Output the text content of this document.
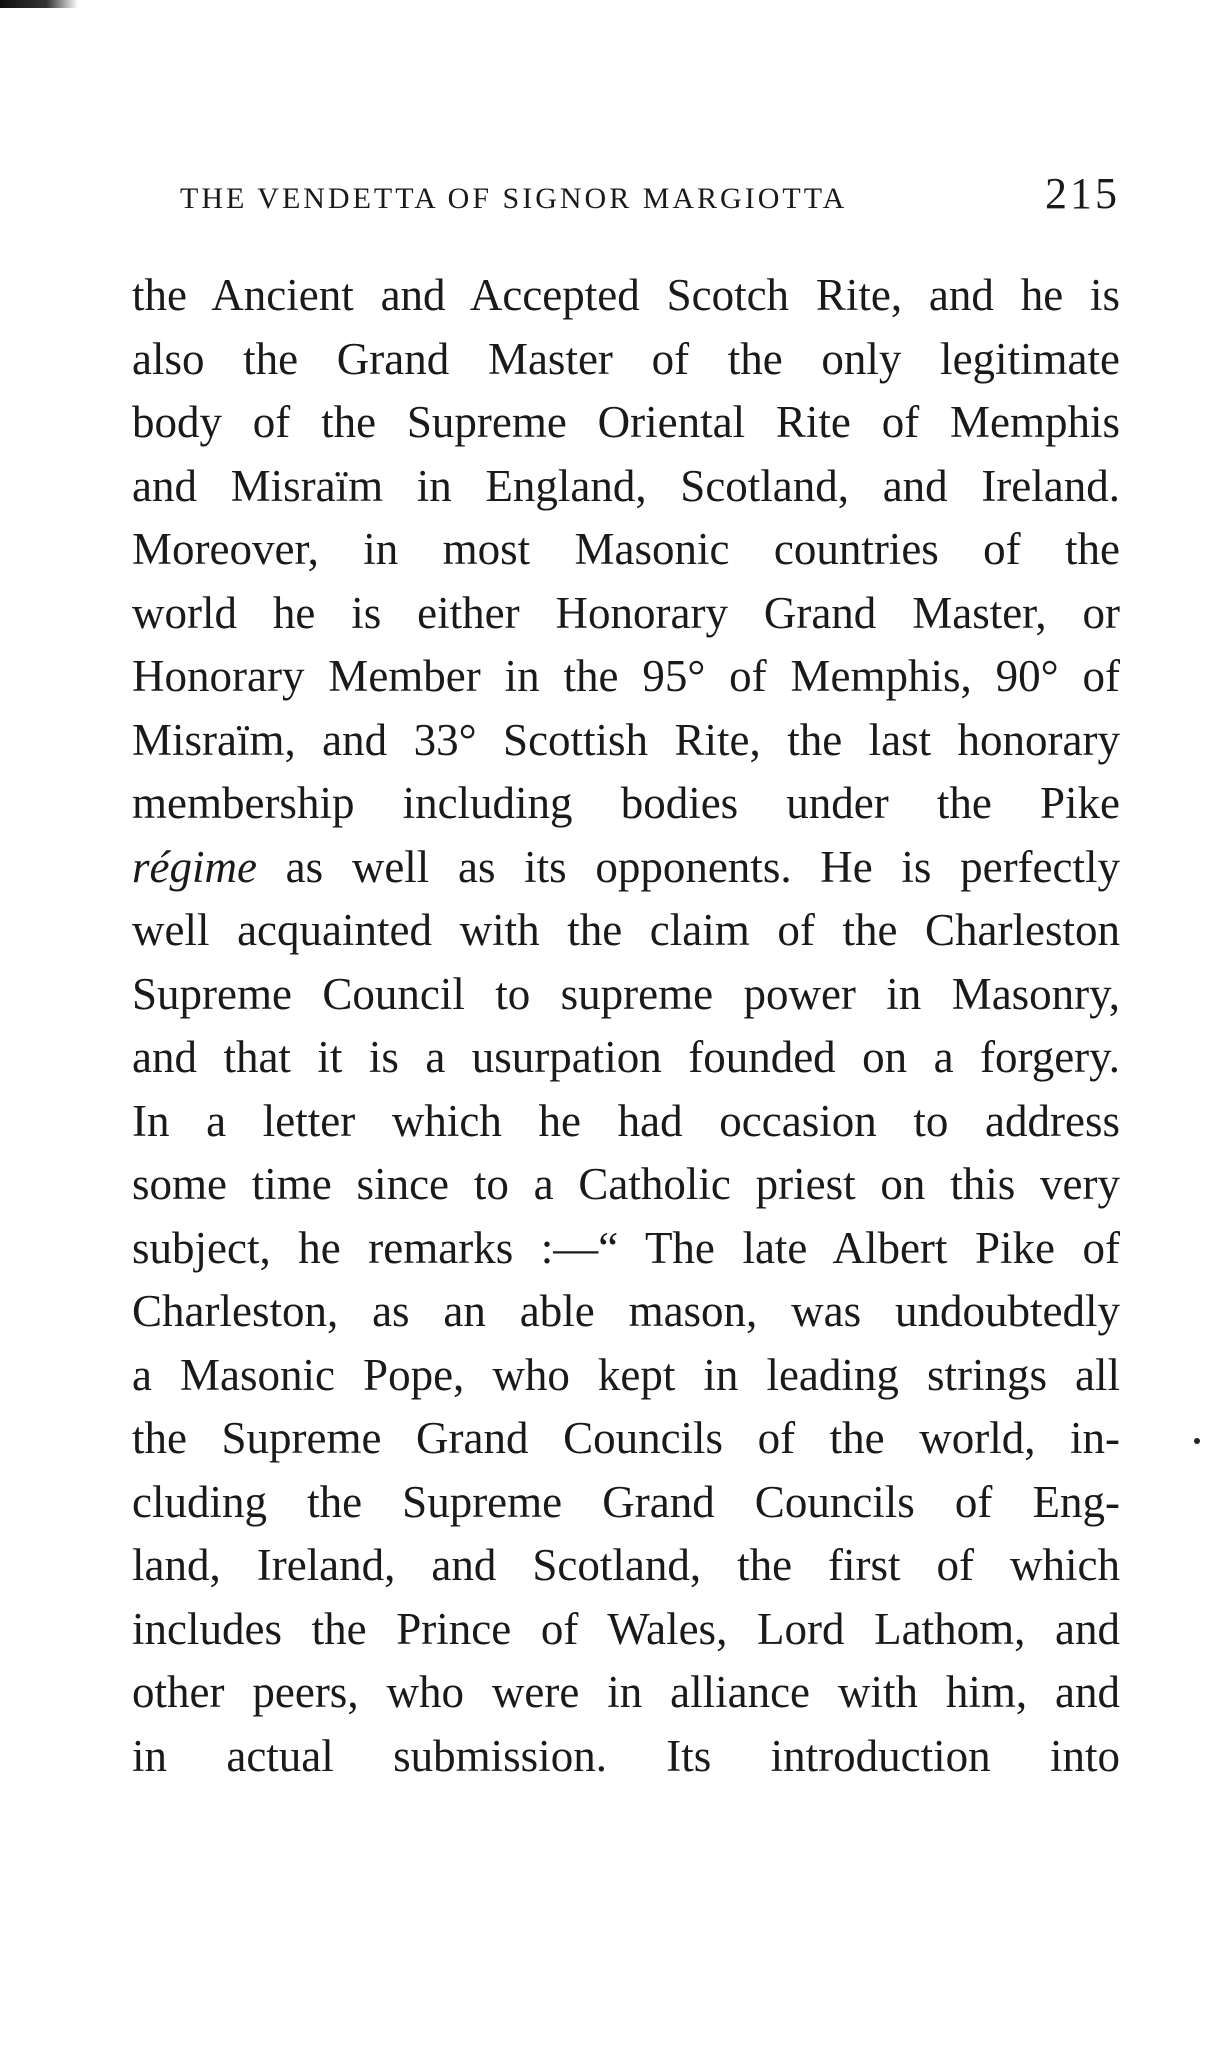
THE VENDETTA OF SIGNOR MARGIOTTA	215
the Ancient and Accepted Scotch Rite, and he is
also the Grand Master of the only legitimate
body of the Supreme Oriental Rite of Memphis
and Misraïm in England, Scotland, and Ireland.
Moreover, in most Masonic countries of the
world he is either Honorary Grand Master, or
Honorary Member in the 95° of Memphis, 90° of
Misraïm, and 33° Scottish Rite, the last honorary
membership including bodies under the Pike
régime as well as its opponents. He is perfectly
well acquainted with the claim of the Charleston
Supreme Council to supreme power in Masonry,
and that it is a usurpation founded on a forgery.
In a letter which he had occasion to address
some time since to a Catholic priest on this very
subject, he remarks :—“ The late Albert Pike of
Charleston, as an able mason, was undoubtedly
a Masonic Pope, who kept in leading strings all
the Supreme Grand Councils of the world, in-
cluding the Supreme Grand Councils of Eng-
land, Ireland, and Scotland, the first of which
includes the Prince of Wales, Lord Lathom, and
other peers, who were in alliance with him, and
in actual submission. Its introduction into
